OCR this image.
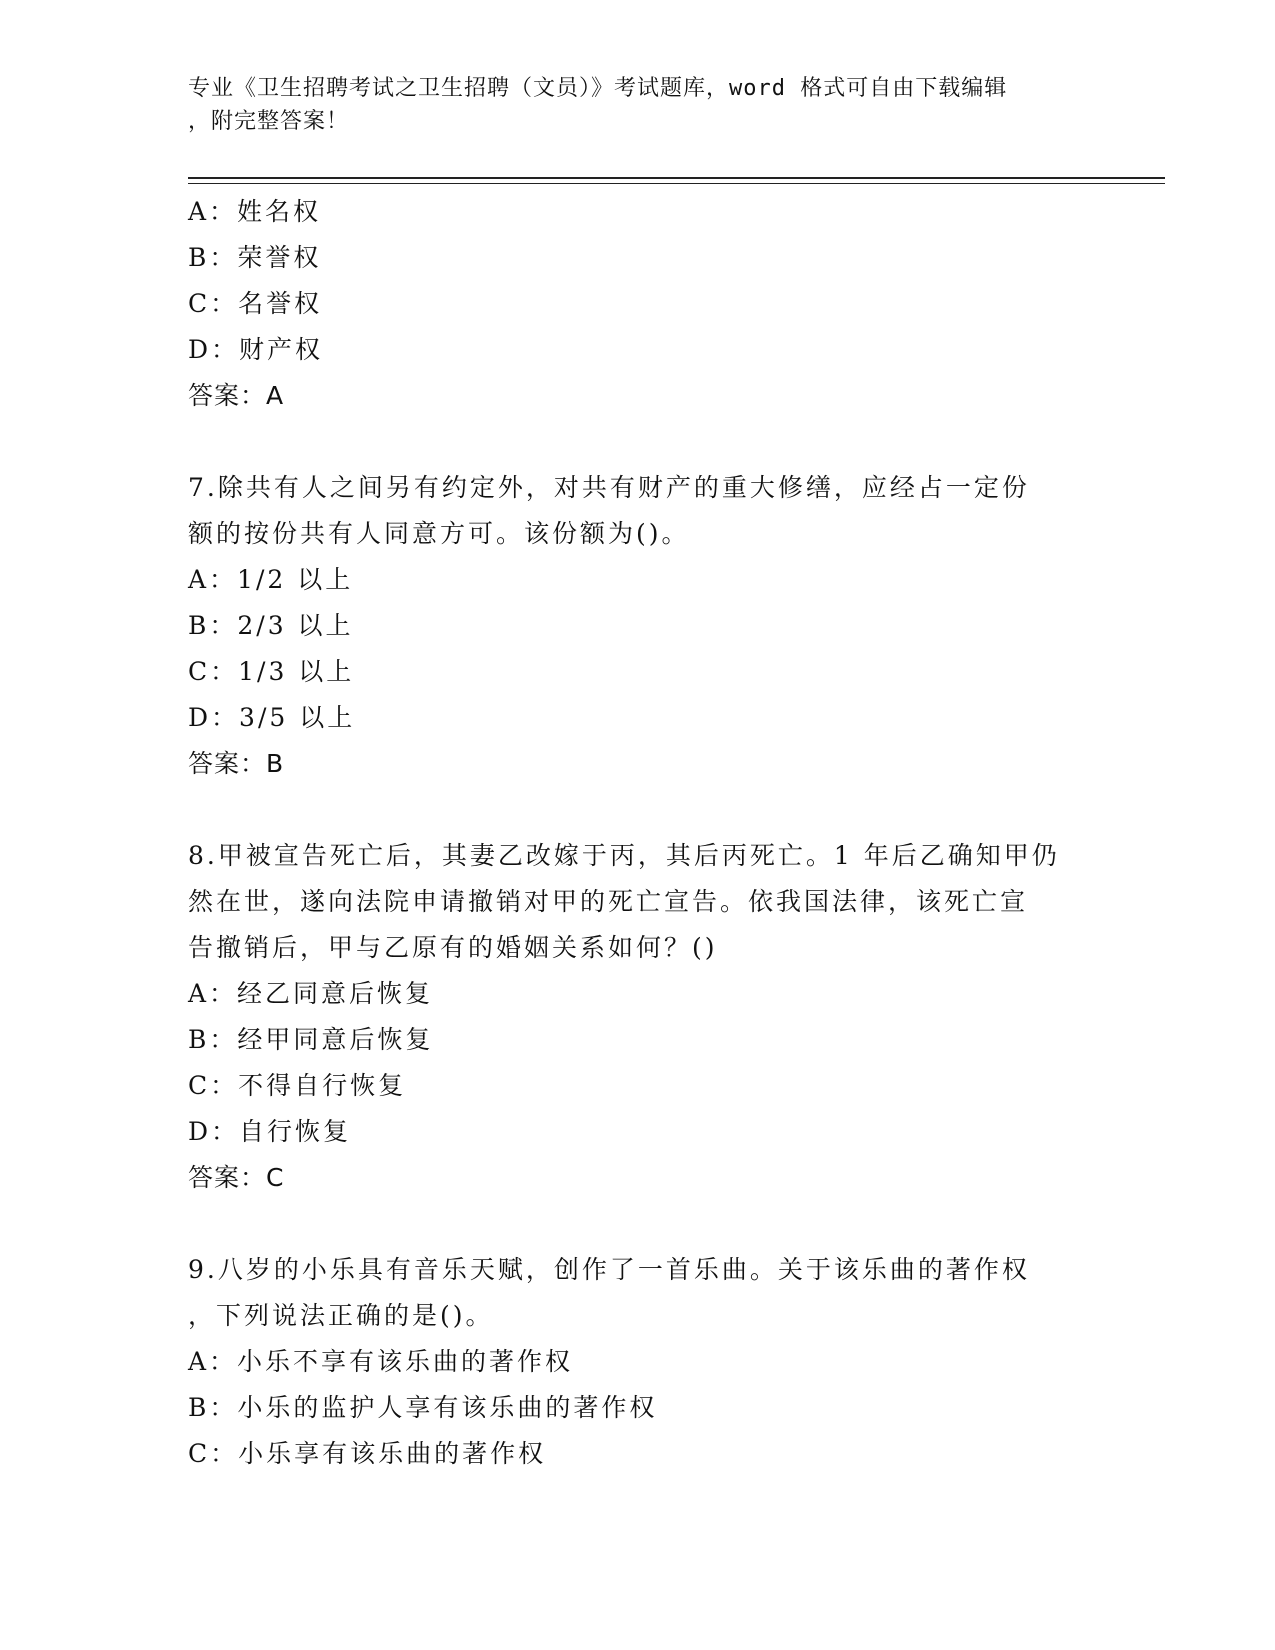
专业《卫生招聘考试之卫生招聘（文员）》考试题库，word 格式可自由下载编辑
，附完整答案！
A：姓名权
B：荣誉权
C：名誉权
D：财产权
答案：A
7.除共有人之间另有约定外，对共有财产的重大修缮，应经占一定份
额的按份共有人同意方可。该份额为()。
A：1/2 以上
B：2/3 以上
C：1/3 以上
D：3/5 以上
答案：B
8.甲被宣告死亡后，其妻乙改嫁于丙，其后丙死亡。1 年后乙确知甲仍
然在世，遂向法院申请撤销对甲的死亡宣告。依我国法律，该死亡宣
告撤销后，甲与乙原有的婚姻关系如何？()
A：经乙同意后恢复
B：经甲同意后恢复
C：不得自行恢复
D：自行恢复
答案：C
9.八岁的小乐具有音乐天赋，创作了一首乐曲。关于该乐曲的著作权
，下列说法正确的是()。
A：小乐不享有该乐曲的著作权
B：小乐的监护人享有该乐曲的著作权
C：小乐享有该乐曲的著作权
